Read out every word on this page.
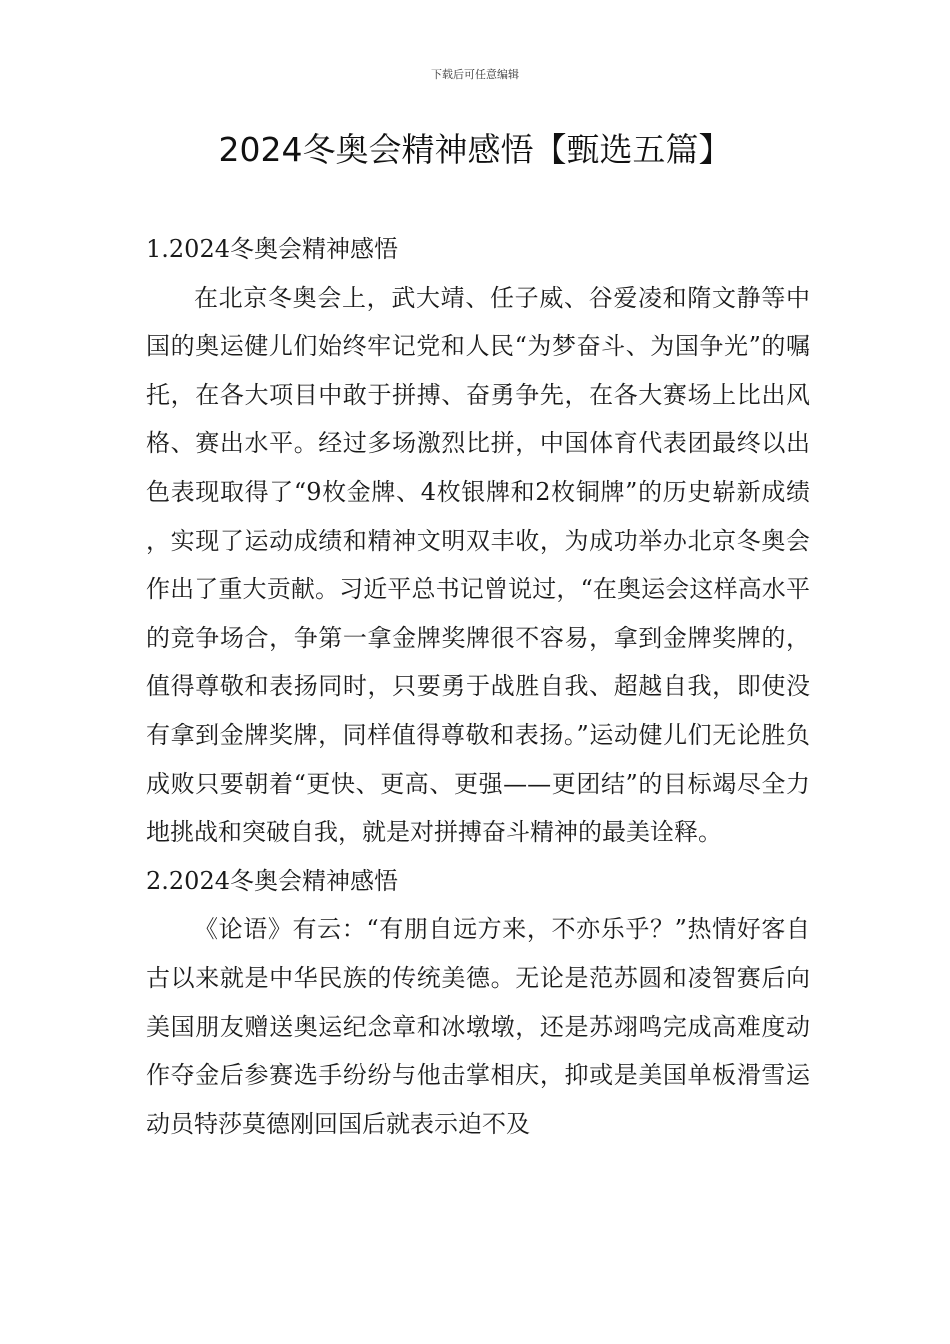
下载后可任意编辑
2024冬奥会精神感悟【甄选五篇】
1.2024冬奥会精神感悟

在北京冬奥会上，武大靖、任子威、谷爱凌和隋文静等中国的奥运健儿们始终牢记党和人民“为梦奋斗、为国争光”的嘱托，在各大项目中敢于拼搏、奋勇争先，在各大赛场上比出风格、赛出水平。经过多场激烈比拼，中国体育代表团最终以出色表现取得了“9枚金牌、4枚银牌和2枚铜牌”的历史崭新成绩，实现了运动成绩和精神文明双丰收，为成功举办北京冬奥会作出了重大贡献。习近平总书记曾说过，“在奥运会这样高水平的竞争场合，争第一拿金牌奖牌很不容易，拿到金牌奖牌的，值得尊敬和表扬同时，只要勇于战胜自我、超越自我，即使没有拿到金牌奖牌，同样值得尊敬和表扬。”运动健儿们无论胜负成败只要朝着“更快、更高、更强——更团结”的目标竭尽全力地挑战和突破自我，就是对拼搏奋斗精神的最美诠释。

2.2024冬奥会精神感悟

《论语》有云：“有朋自远方来，不亦乐乎？”热情好客自古以来就是中华民族的传统美德。无论是范苏圆和凌智赛后向美国朋友赠送奥运纪念章和冰墩墩，还是苏翊鸣完成高难度动作夺金后参赛选手纷纷与他击掌相庆，抑或是美国单板滑雪运动员特莎莫德刚回国后就表示迫不及
